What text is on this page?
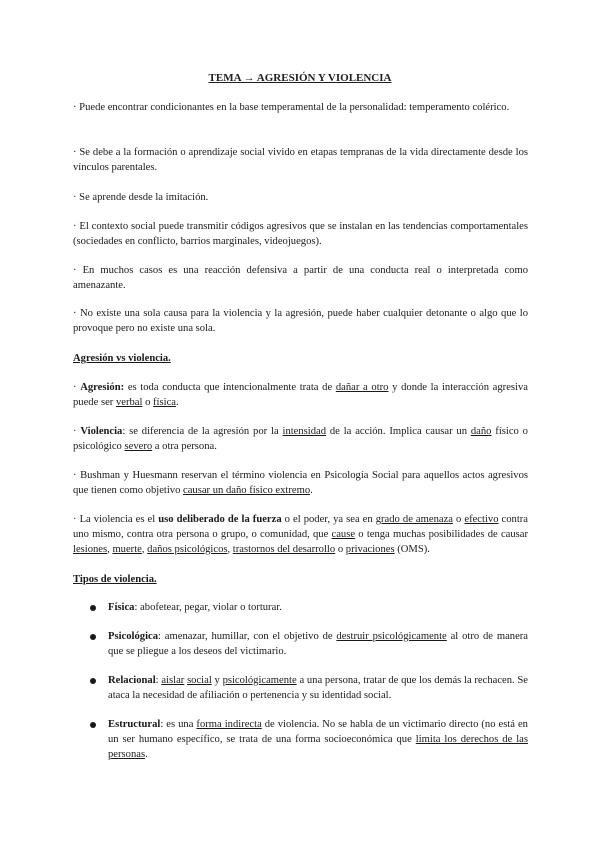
TEMA → AGRESIÓN Y VIOLENCIA

· Puede encontrar condicionantes en la base temperamental de la personalidad: temperamento colérico.

· Se debe a la formación o aprendizaje social vivido en etapas tempranas de la vida directamente desde los vínculos parentales.

· Se aprende desde la imitación.

· El contexto social puede transmitir códigos agresivos que se instalan en las tendencias comportamentales (sociedades en conflicto, barrios marginales, videojuegos).

· En muchos casos es una reacción defensiva a partir de una conducta real o interpretada como amenazante.

· No existe una sola causa para la violencia y la agresión, puede haber cualquier detonante o algo que lo provoque pero no existe una sola.

Agresión vs violencia.

· Agresión: es toda conducta que intencionalmente trata de dañar a otro y donde la interacción agresiva puede ser verbal o física.

· Violencia: se diferencia de la agresión por la intensidad de la acción. Implica causar un daño físico o psicológico severo a otra persona.

· Bushman y Huesmann reservan el término violencia en Psicología Social para aquellos actos agresivos que tienen como objetivo causar un daño físico extremo.

· La violencia es el uso deliberado de la fuerza o el poder, ya sea en grado de amenaza o efectivo contra uno mismo, contra otra persona o grupo, o comunidad, que cause o tenga muchas posibilidades de causar lesiones, muerte, daños psicológicos, trastornos del desarrollo o privaciones (OMS).

Tipos de violencia.

Física: abofetear, pegar, violar o torturar.

Psicológica: amenazar, humillar, con el objetivo de destruir psicológicamente al otro de manera que se pliegue a los deseos del victimario.

Relacional: aislar social y psicológicamente a una persona, tratar de que los demás la rechacen. Se ataca la necesidad de afiliación o pertenencia y su identidad social.

Estructural: es una forma indirecta de violencia. No se habla de un victimario directo (no está en un ser humano específico, se trata de una forma socioeconómica que limita los derechos de las personas.
